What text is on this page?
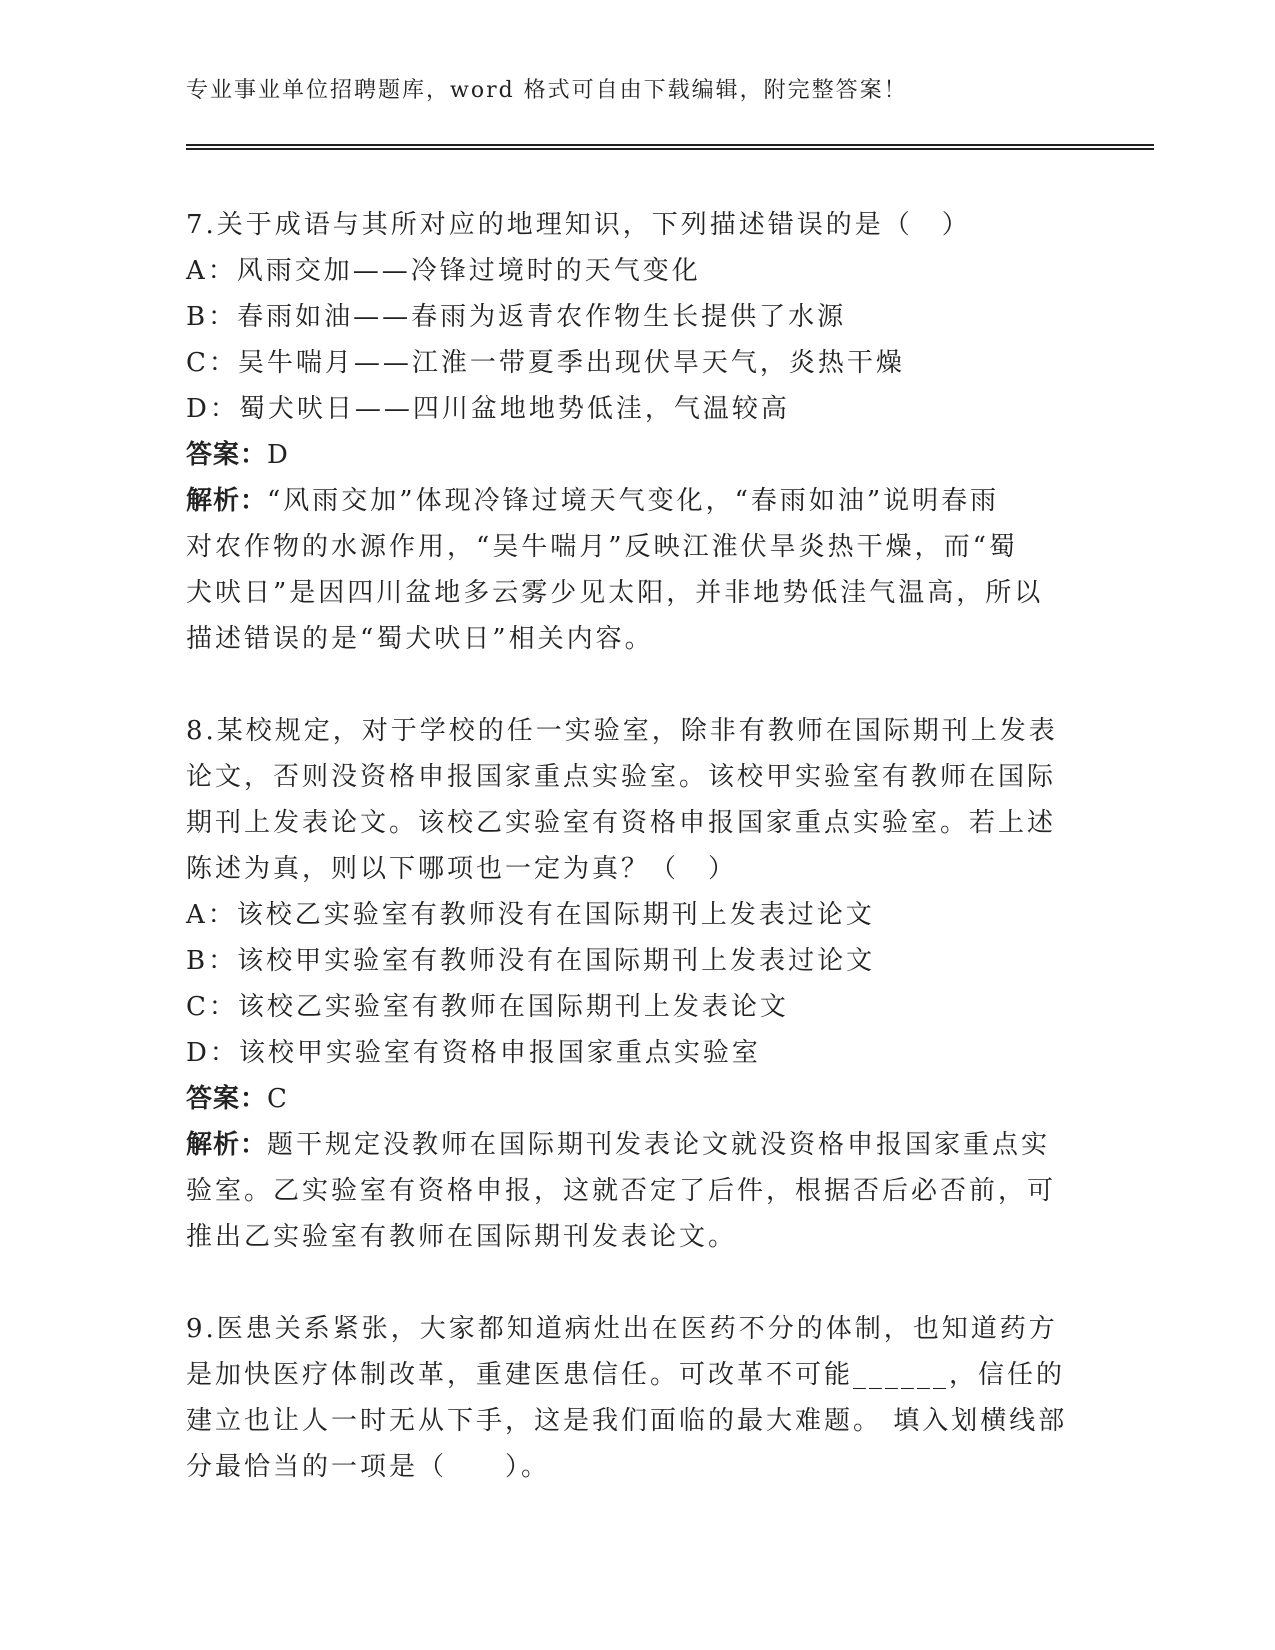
专业事业单位招聘题库，word 格式可自由下载编辑，附完整答案！
7.关于成语与其所对应的地理知识，下列描述错误的是（　）
A：风雨交加——冷锋过境时的天气变化
B：春雨如油——春雨为返青农作物生长提供了水源
C：吴牛喘月——江淮一带夏季出现伏旱天气，炎热干燥
D：蜀犬吠日——四川盆地地势低洼，气温较高
答案：D
解析：“风雨交加”体现冷锋过境天气变化，“春雨如油”说明春雨
对农作物的水源作用，“吴牛喘月”反映江淮伏旱炎热干燥，而“蜀
犬吠日”是因四川盆地多云雾少见太阳，并非地势低洼气温高，所以
描述错误的是“蜀犬吠日”相关内容。
8.某校规定，对于学校的任一实验室，除非有教师在国际期刊上发表
论文，否则没资格申报国家重点实验室。该校甲实验室有教师在国际
期刊上发表论文。该校乙实验室有资格申报国家重点实验室。若上述
陈述为真，则以下哪项也一定为真？（　）
A：该校乙实验室有教师没有在国际期刊上发表过论文
B：该校甲实验室有教师没有在国际期刊上发表过论文
C：该校乙实验室有教师在国际期刊上发表论文
D：该校甲实验室有资格申报国家重点实验室
答案：C
解析：题干规定没教师在国际期刊发表论文就没资格申报国家重点实
验室。乙实验室有资格申报，这就否定了后件，根据否后必否前，可
推出乙实验室有教师在国际期刊发表论文。
9.医患关系紧张，大家都知道病灶出在医药不分的体制，也知道药方
是加快医疗体制改革，重建医患信任。可改革不可能______，信任的
建立也让人一时无从下手，这是我们面临的最大难题。 填入划横线部
分最恰当的一项是（　　）。
